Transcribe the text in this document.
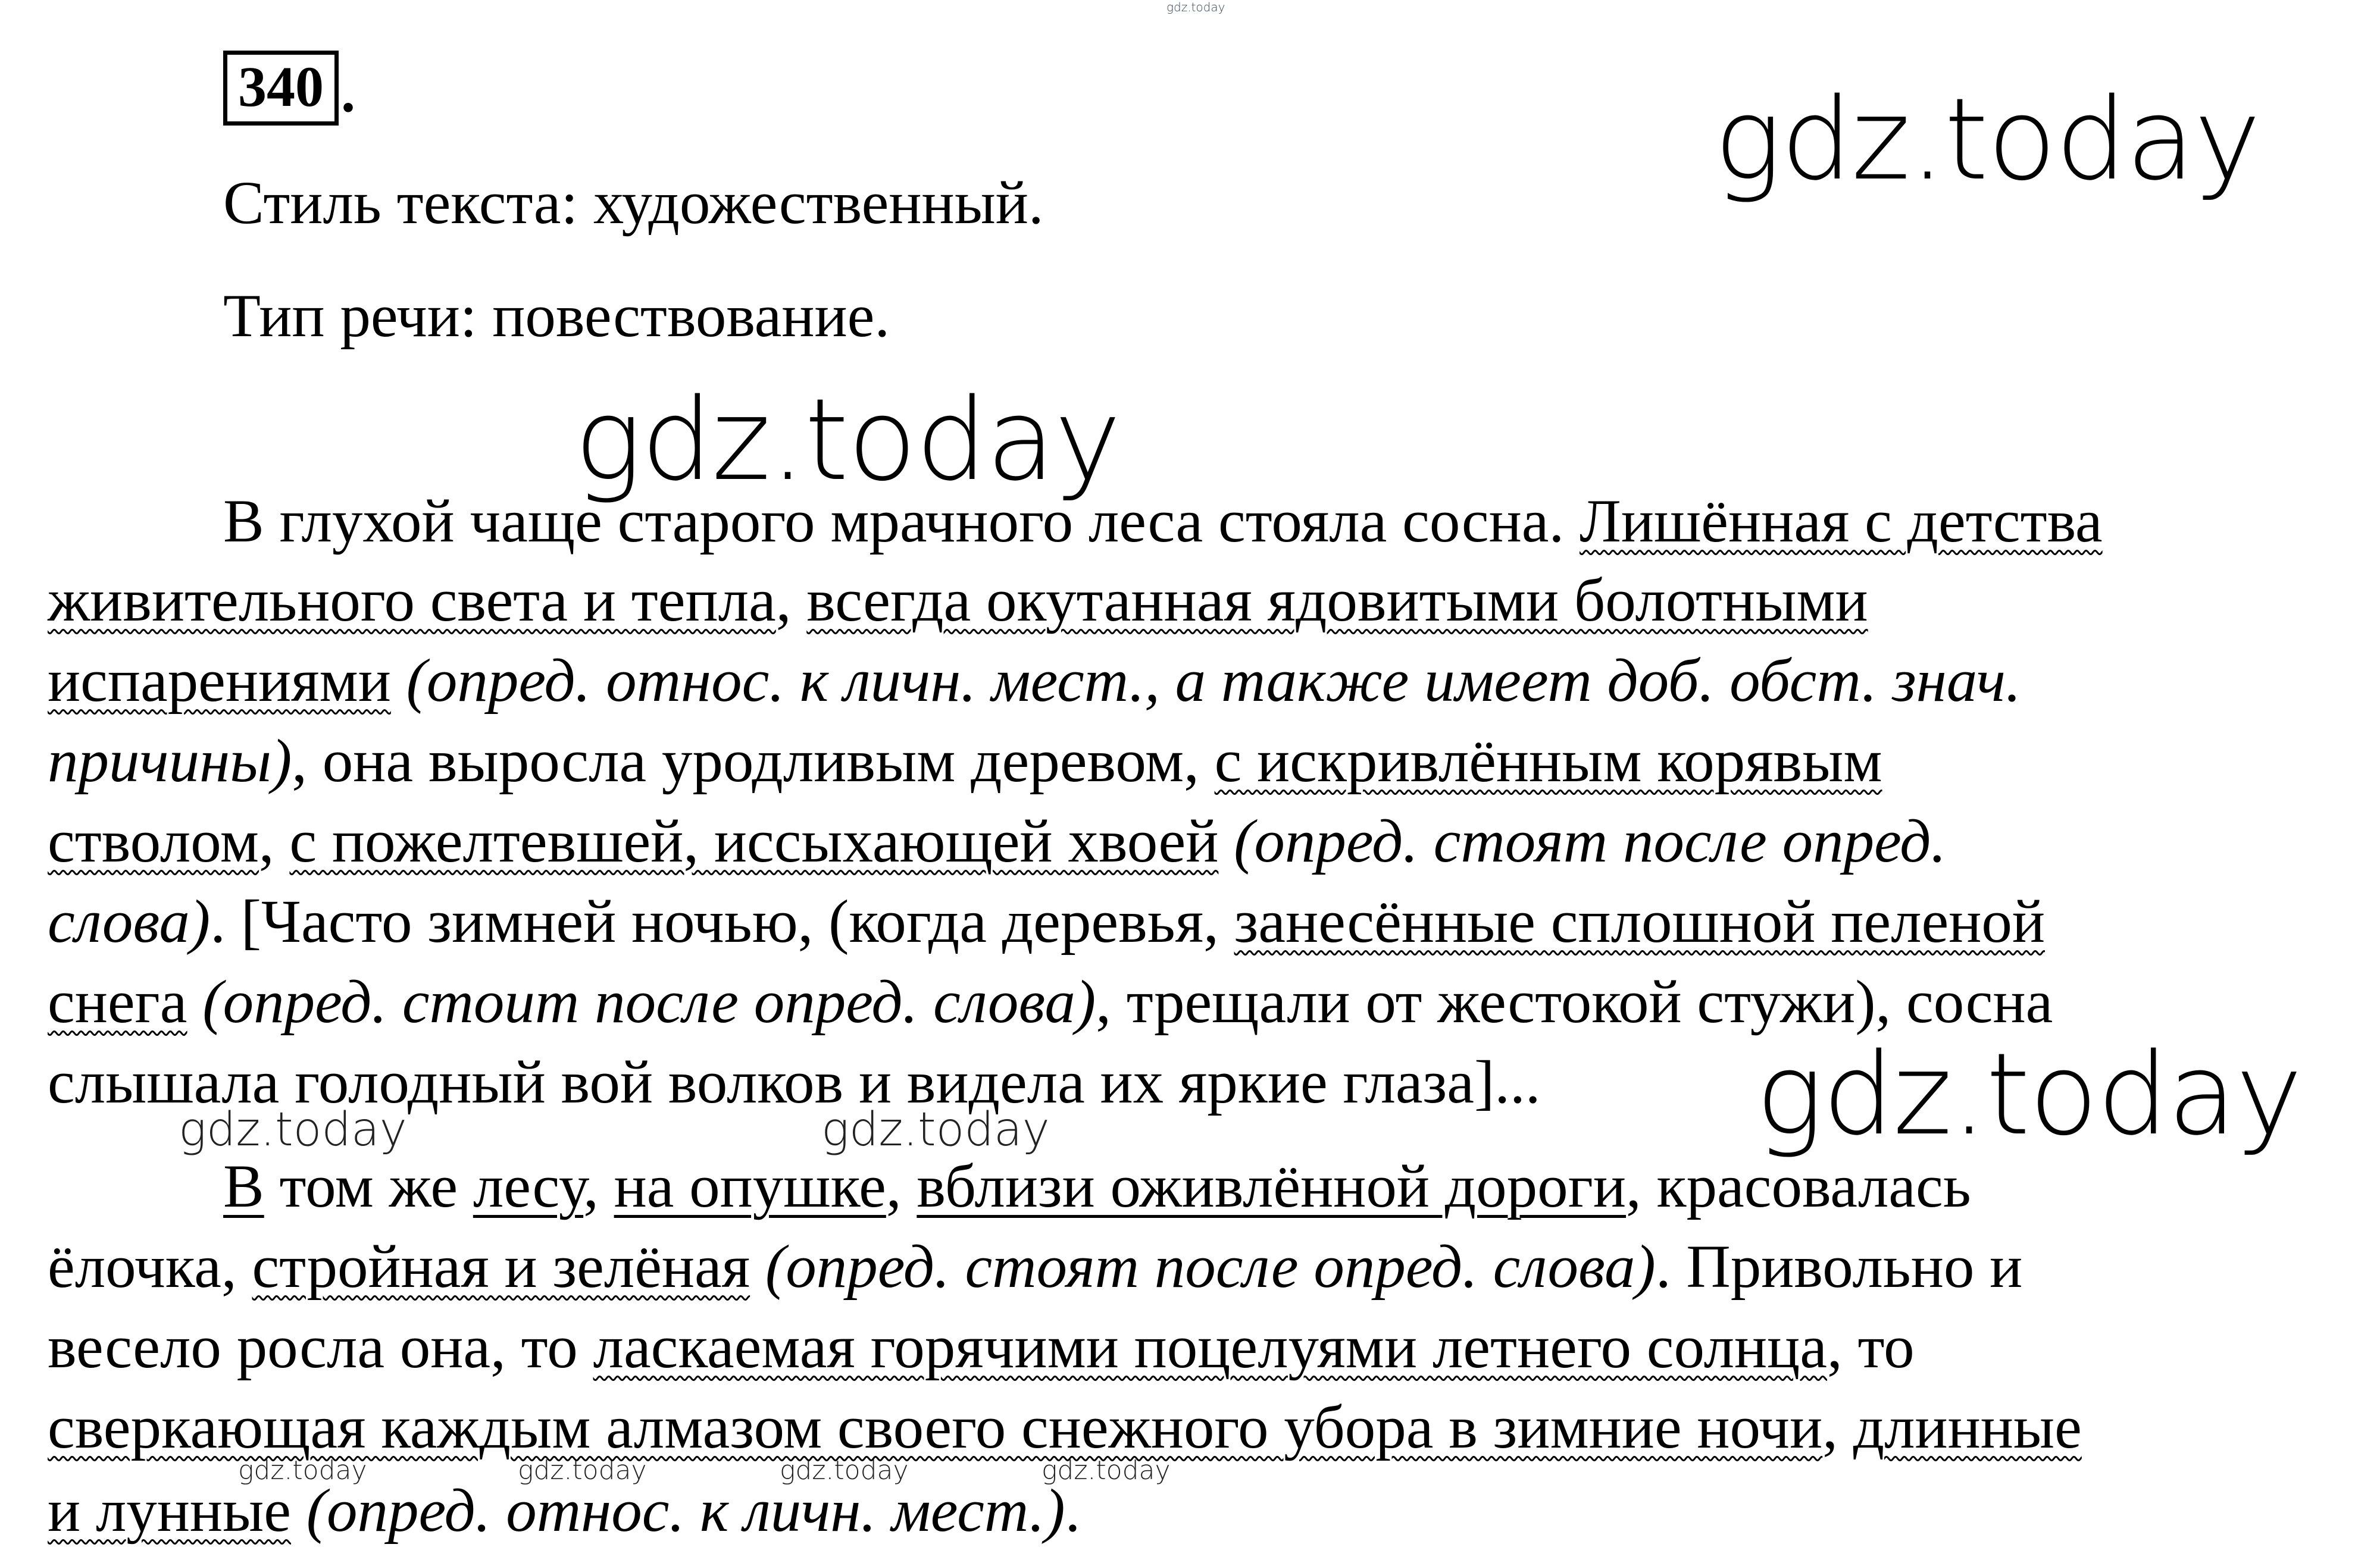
gdz.today
gdz.today
gdz.today
gdz.today
gdz.today	gdz.today
gdz.today	gdz.today	gdz.today	gdz.today
340 .
Стиль текста: художественный.
Тип речи: повествование.
В глухой чаще старого мрачного леса стояла сосна. Лишённая с детства
живительного света и тепла, всегда окутанная ядовитыми болотными
испарениями (опред. относ. к личн. мест., а также имеет доб. обст. знач.
причины), она выросла уродливым деревом, с искривлённым корявым
стволом, с пожелтевшей, иссыхающей хвоей (опред. стоят после опред.
слова). [Часто зимней ночью, (когда деревья, занесённые сплошной пеленой
снега (опред. стоит после опред. слова), трещали от жестокой стужи), сосна
слышала голодный вой волков и видела их яркие глаза]...
В том же лесу, на опушке, вблизи оживлённой дороги, красовалась
ёлочка, стройная и зелёная (опред. стоят после опред. слова). Привольно и
весело росла она, то ласкаемая горячими поцелуями летнего солнца, то
сверкающая каждым алмазом своего снежного убора в зимние ночи, длинные
и лунные (опред. относ. к личн. мест.).
